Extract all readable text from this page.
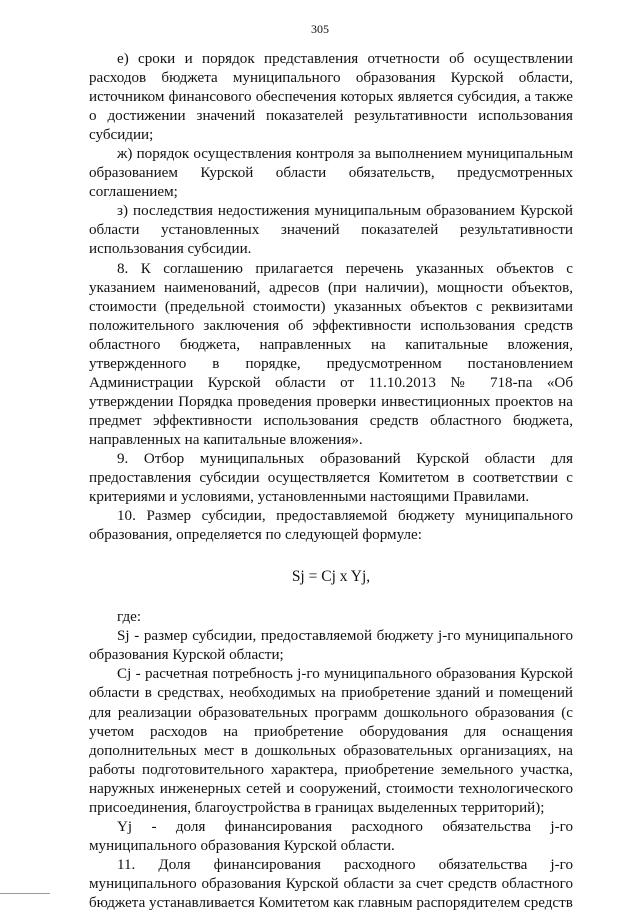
305

е) сроки и порядок представления отчетности об осуществлении расходов бюджета муниципального образования Курской области, источником финансового обеспечения которых является субсидия, а также о достижении значений показателей результативности использования субсидии;

ж) порядок осуществления контроля за выполнением муниципальным образованием Курской области обязательств, предусмотренных соглашением;

з) последствия недостижения муниципальным образованием Курской области установленных значений показателей результативности использования субсидии.

8. К соглашению прилагается перечень указанных объектов с указанием наименований, адресов (при наличии), мощности объектов, стоимости (предельной стоимости) указанных объектов с реквизитами положительного заключения об эффективности использования средств областного бюджета, направленных на капитальные вложения, утвержденного в порядке, предусмотренном постановлением Администрации Курской области от 11.10.2013 № 718-па «Об утверждении Порядка проведения проверки инвестиционных проектов на предмет эффективности использования средств областного бюджета, направленных на капитальные вложения».

9. Отбор муниципальных образований Курской области для предоставления субсидии осуществляется Комитетом в соответствии с критериями и условиями, установленными настоящими Правилами.

10. Размер субсидии, предоставляемой бюджету муниципального образования, определяется по следующей формуле:

Sj = Cj x Yj,

где:

Sj - размер субсидии, предоставляемой бюджету j-го муниципального образования Курской области;

Cj - расчетная потребность j-го муниципального образования Курской области в средствах, необходимых на приобретение зданий и помещений для реализации образовательных программ дошкольного образования (с учетом расходов на приобретение оборудования для оснащения дополнительных мест в дошкольных образовательных организациях, на работы подготовительного характера, приобретение земельного участка, наружных инженерных сетей и сооружений, стоимости технологического присоединения, благоустройства в границах выделенных территорий);

Yj - доля финансирования расходного обязательства j-го муниципального образования Курской области.

11. Доля финансирования расходного обязательства j-го муниципального образования Курской области за счет средств областного бюджета устанавливается Комитетом как главным распорядителем средств
